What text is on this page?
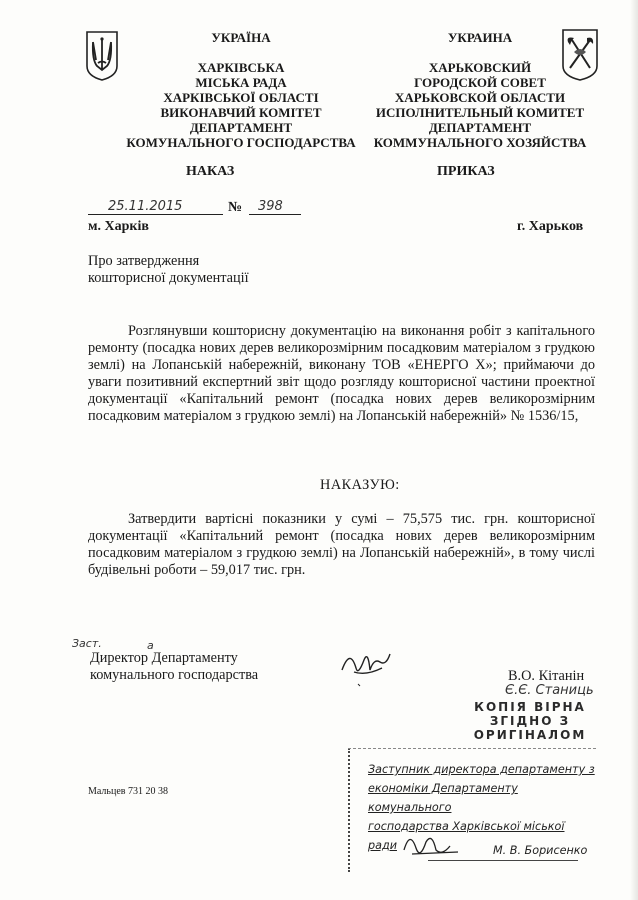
УКРАЇНА
ХАРКІВСЬКА
МІСЬКА РАДА
ХАРКІВСЬКОЇ ОБЛАСТІ
ВИКОНАВЧИЙ КОМІТЕТ
ДЕПАРТАМЕНТ
КОМУНАЛЬНОГО ГОСПОДАРСТВА
УКРАИНА
ХАРЬКОВСКИЙ
ГОРОДСКОЙ СОВЕТ
ХАРЬКОВСКОЙ ОБЛАСТИ
ИСПОЛНИТЕЛЬНЫЙ КОМИТЕТ
ДЕПАРТАМЕНТ
КОММУНАЛЬНОГО ХОЗЯЙСТВА
НАКАЗ	ПРИКАЗ
25.11.2015	№ 398
м. Харків	г. Харьков
Про затвердження
кошторисної документації
Розглянувши кошторисну документацію на виконання робіт з капітального ремонту (посадка нових дерев великорозмірним посадковим матеріалом з грудкою землі) на Лопанській набережній, виконану ТОВ «ЕНЕРГО Х»; приймаючи до уваги позитивний експертний звіт щодо розгляду кошторисної частини проектної документації «Капітальний ремонт (посадка нових дерев великорозмірним посадковим матеріалом з грудкою землі) на Лопанській набережній» № 1536/15,
НАКАЗУЮ:
Затвердити вартісні показники у сумі – 75,575 тис. грн. кошторисної документації «Капітальний ремонт (посадка нових дерев великорозмірним посадковим матеріалом з грудкою землі) на Лопанській набережній», в тому числі будівельні роботи – 59,017 тис. грн.
Заст.	а
Директор Департаменту
комунального господарства	В.О. Кітанін
Є.Є. Станиць
КОПІЯ ВІРНА
ЗГІДНО З
ОРИГІНАЛОМ
Заступник директора департаменту з
економіки Департаменту комунального
господарства Харківської міської ради	М. В. Борисенко
Мальцев 731 20 38
